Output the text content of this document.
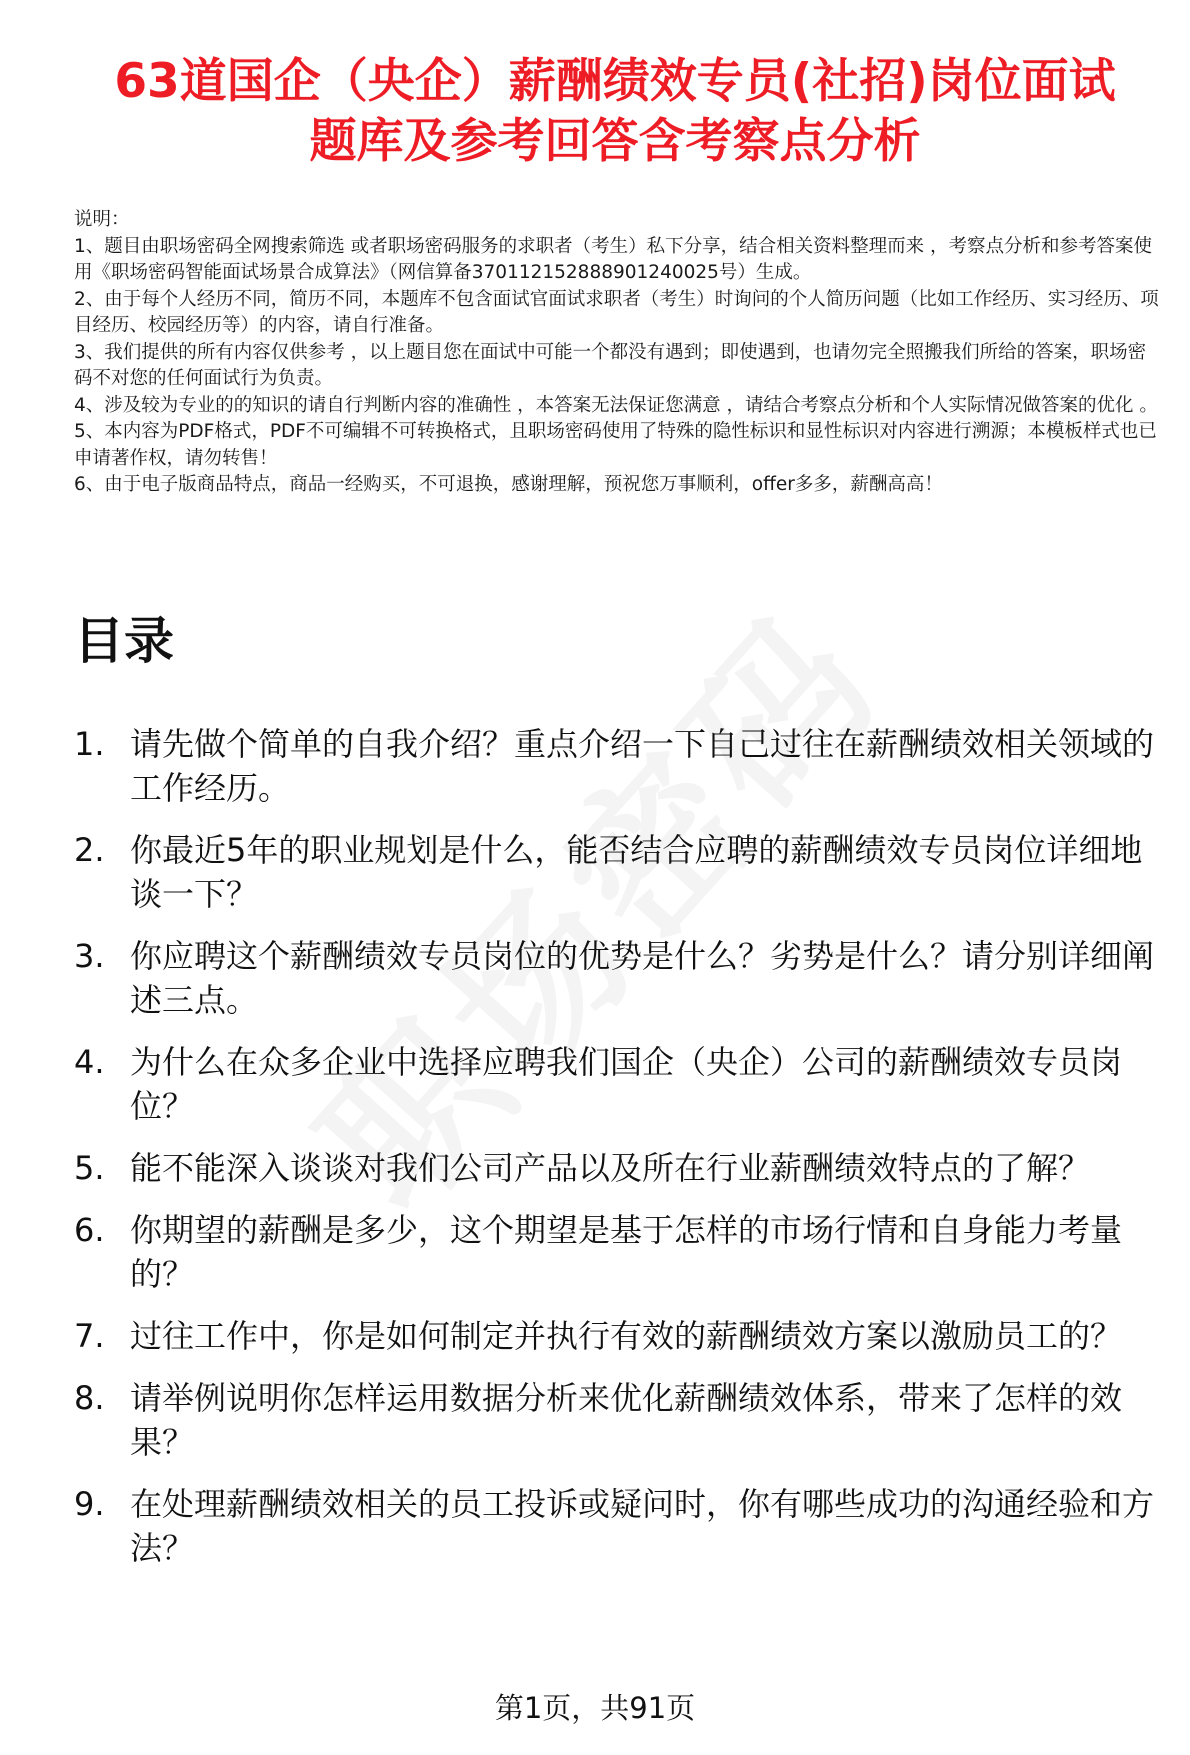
63道国企（央企）薪酬绩效专员(社招)岗位面试
题库及参考回答含考察点分析

说明：

1、题目由职场密码全网搜索筛选 或者职场密码服务的求职者（考生）私下分享，结合相关资料整理而来 ，考察点分析和参考答案使用《职场密码智能面试场景合成算法》（网信算备370112152888901240025号）生成。

2、由于每个人经历不同，简历不同，本题库不包含面试官面试求职者（考生）时询问的个人简历问题（比如工作经历、实习经历、项目经历、校园经历等）的内容，请自行准备。

3、我们提供的所有内容仅供参考 ，以上题目您在面试中可能一个都没有遇到；即使遇到，也请勿完全照搬我们所给的答案，职场密码不对您的任何面试行为负责。

4、涉及较为专业的的知识的请自行判断内容的准确性 ，本答案无法保证您满意 ，请结合考察点分析和个人实际情况做答案的优化 。

5、本内容为PDF格式，PDF不可编辑不可转换格式，且职场密码使用了特殊的隐性标识和显性标识对内容进行溯源；本模板样式也已申请著作权，请勿转售！

6、由于电子版商品特点，商品一经购买，不可退换，感谢理解，预祝您万事顺利，offer多多，薪酬高高！

目录
1. 请先做个简单的自我介绍？重点介绍一下自己过往在薪酬绩效相关领域的工作经历。
2. 你最近5年的职业规划是什么，能否结合应聘的薪酬绩效专员岗位详细地谈一下？
3. 你应聘这个薪酬绩效专员岗位的优势是什么？劣势是什么？请分别详细阐述三点。
4. 为什么在众多企业中选择应聘我们国企（央企）公司的薪酬绩效专员岗位？
5. 能不能深入谈谈对我们公司产品以及所在行业薪酬绩效特点的了解？
6. 你期望的薪酬是多少，这个期望是基于怎样的市场行情和自身能力考量的？
7. 过往工作中，你是如何制定并执行有效的薪酬绩效方案以激励员工的？
8. 请举例说明你怎样运用数据分析来优化薪酬绩效体系，带来了怎样的效果？
9. 在处理薪酬绩效相关的员工投诉或疑问时，你有哪些成功的沟通经验和方法？
第1页，共91页
